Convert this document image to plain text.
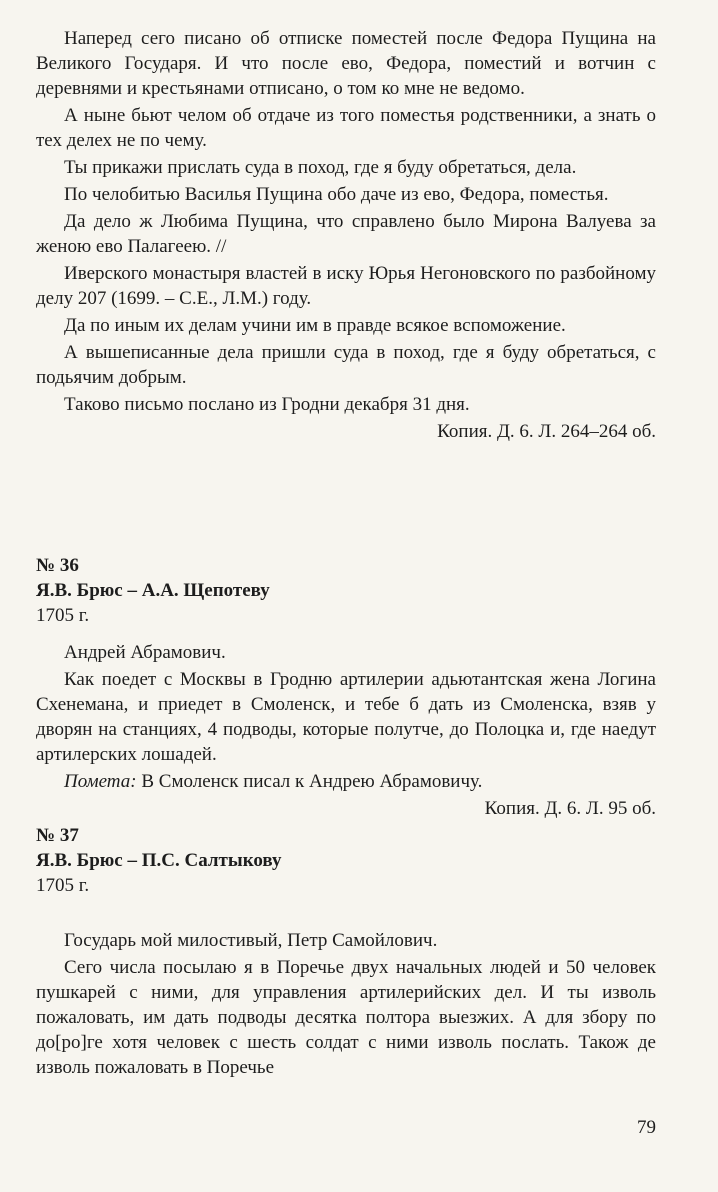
Наперед сего писано об отписке поместей после Федора Пущина на Великого Государя. И что после ево, Федора, поместий и вотчин с деревнями и крестьянами отписано, о том ко мне не ведомо.

А ныне бьют челом об отдаче из того поместья родственники, а знать о тех делех не по чему.

Ты прикажи прислать суда в поход, где я буду обретаться, дела.

По челобитью Василья Пущина обо даче из ево, Федора, поместья.

Да дело ж Любима Пущина, что справлено было Мирона Валуева за женою ево Палагеею. //

Иверского монастыря властей в иску Юрья Негоновского по разбойному делу 207 (1699. – С.Е., Л.М.) году.

Да по иным их делам учини им в правде всякое вспоможение.

А вышеписанные дела пришли суда в поход, где я буду обретаться, с подьячим добрым.

Таково письмо послано из Гродни декабря 31 дня.

Копия. Д. 6. Л. 264–264 об.

№ 36

Я.В. Брюс – А.А. Щепотеву

1705 г.

Андрей Абрамович.

Как поедет с Москвы в Гродню артилерии адьютантская жена Логина Схенемана, и приедет в Смоленск, и тебе б дать из Смоленска, взяв у дворян на станциях, 4 подводы, которые полутче, до Полоцка и, где наедут артилерских лошадей.

Помета: В Смоленск писал к Андрею Абрамовичу.

Копия. Д. 6. Л. 95 об.

№ 37

Я.В. Брюс – П.С. Салтыкову

1705 г.

Государь мой милостивый, Петр Самойлович.

Сего числа посылаю я в Поречье двух начальных людей и 50 человек пушкарей с ними, для управления артилерийских дел. И ты изволь пожаловать, им дать подводы десятка полтора выезжих. А для збору по до[ро]ге хотя человек с шесть солдат с ними изволь послать. Також де изволь пожаловать в Поречье

79
